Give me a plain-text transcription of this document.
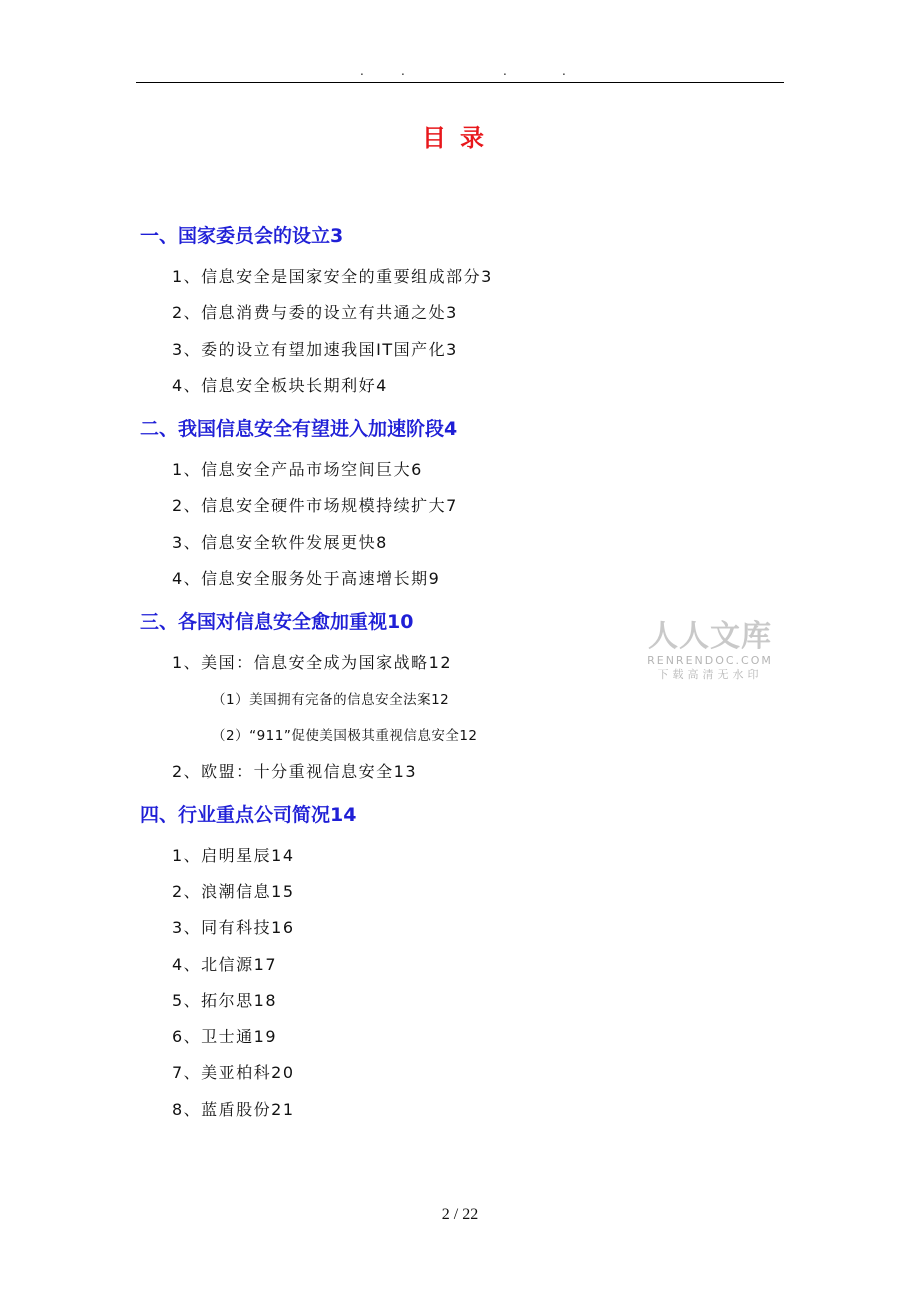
.	.	.	.
目录
一、国家委员会的设立3
1、信息安全是国家安全的重要组成部分3
2、信息消费与委的设立有共通之处3
3、委的设立有望加速我国IT国产化3
4、信息安全板块长期利好4
二、我国信息安全有望进入加速阶段4
1、信息安全产品市场空间巨大6
2、信息安全硬件市场规模持续扩大7
3、信息安全软件发展更快8
4、信息安全服务处于高速增长期9
三、各国对信息安全愈加重视10
1、美国：信息安全成为国家战略12
（1）美国拥有完备的信息安全法案12
（2）“911”促使美国极其重视信息安全12
2、欧盟：十分重视信息安全13
四、行业重点公司简况14
1、启明星辰14
2、浪潮信息15
3、同有科技16
4、北信源17
5、拓尔思18
6、卫士通19
7、美亚柏科20
8、蓝盾股份21
人人文库
RENRENDOC.COM
下载高清无水印
2 / 22
